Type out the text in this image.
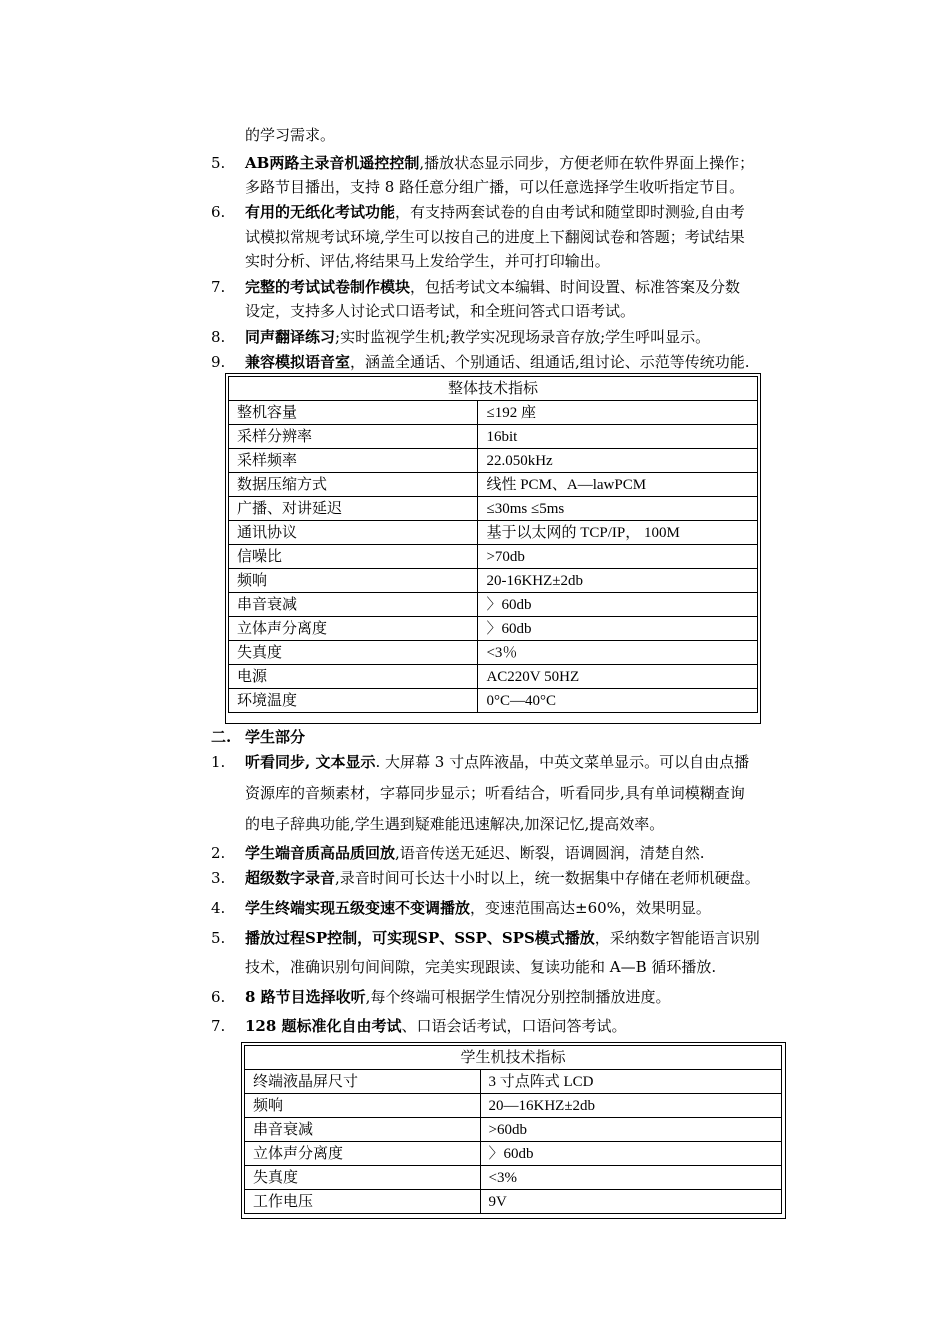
的学习需求。
5. AB两路主录音机遥控控制,播放状态显示同步，方便老师在软件界面上操作；
多路节目播出，支持 8 路任意分组广播，可以任意选择学生收听指定节目。
6. 有用的无纸化考试功能，有支持两套试卷的自由考试和随堂即时测验,自由考
试模拟常规考试环境,学生可以按自己的进度上下翻阅试卷和答题；考试结果
实时分析、评估,将结果马上发给学生，并可打印输出。
7. 完整的考试试卷制作模块，包括考试文本编辑、时间设置、标准答案及分数
设定，支持多人讨论式口语考试，和全班问答式口语考试。
8. 同声翻译练习;实时监视学生机;教学实况现场录音存放;学生呼叫显示。
9. 兼容模拟语音室，涵盖全通话、个别通话、组通话,组讨论、示范等传统功能.
整体技术指标	
整机容量	≤192 座
采样分辨率	16bit
采样频率	22.050kHz
数据压缩方式	线性 PCM、A—lawPCM
广播、对讲延迟	≤30ms ≤5ms
通讯协议	基于以太网的 TCP/IP， 100M
信噪比	>70db
频响	20-16KHZ±2db
串音衰减	〉60db
立体声分离度	〉60db
失真度	<3％
电源	AC220V 50HZ
环境温度	0°C—40°C
二. 学生部分
1. 听看同步, 文本显示. 大屏幕 3 寸点阵液晶，中英文菜单显示。可以自由点播
资源库的音频素材，字幕同步显示；听看结合，听看同步,具有单词模糊查询
的电子辞典功能,学生遇到疑难能迅速解决,加深记忆,提高效率。
2. 学生端音质高品质回放,语音传送无延迟、断裂，语调圆润，清楚自然.
3. 超级数字录音,录音时间可长达十小时以上，统一数据集中存储在老师机硬盘。
4. 学生终端实现五级变速不变调播放，变速范围高达±60%，效果明显。
5. 播放过程SP控制，可实现SP、SSP、SPS模式播放，采纳数字智能语言识别
技术，准确识别句间间隙，完美实现跟读、复读功能和 A—B 循环播放.
6. 8 路节目选择收听,每个终端可根据学生情况分别控制播放进度。
7. 128 题标准化自由考试、口语会话考试，口语问答考试。
学生机技术指标	
终端液晶屏尺寸	3 寸点阵式 LCD
频响	20—16KHZ±2db
串音衰减	>60db
立体声分离度	〉60db
失真度	<3%
工作电压	9V
